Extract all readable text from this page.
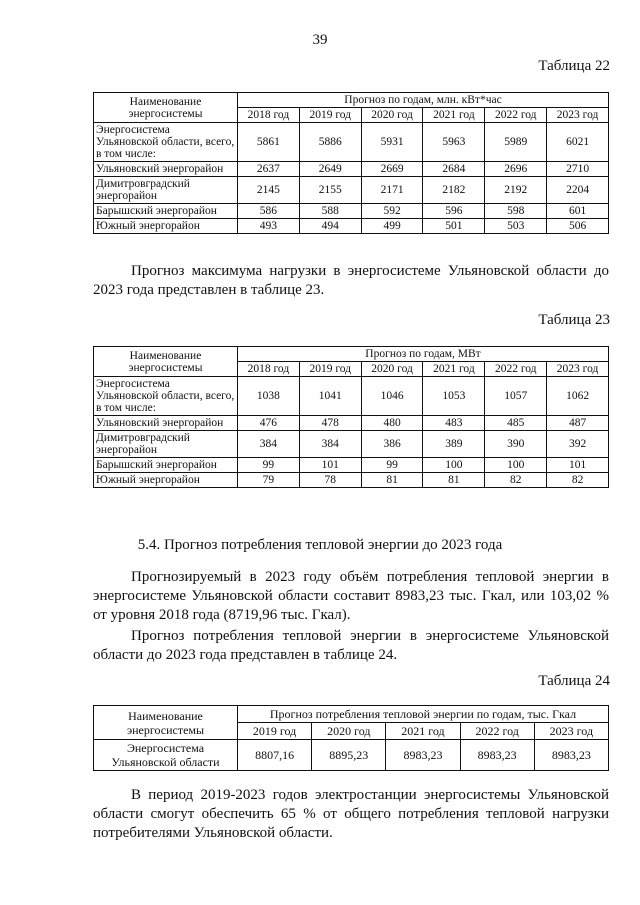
39
Таблица 22
Наименование энергосистемы	Прогноз по годам, млн. кВт*час					
	2018 год	2019 год	2020 год	2021 год	2022 год	2023 год
Энергосистема Ульяновской области, всего, в том числе:	5861	5886	5931	5963	5989	6021
Ульяновский энергорайон	2637	2649	2669	2684	2696	2710
Димитровградский энергорайон	2145	2155	2171	2182	2192	2204
Барышский энергорайон	586	588	592	596	598	601
Южный энергорайон	493	494	499	501	503	506
Прогноз максимума нагрузки в энергосистеме Ульяновской области до 2023 года представлен в таблице 23.
Таблица 23
Наименование энергосистемы	Прогноз по годам, МВт					
	2018 год	2019 год	2020 год	2021 год	2022 год	2023 год
Энергосистема Ульяновской области, всего, в том числе:	1038	1041	1046	1053	1057	1062
Ульяновский энергорайон	476	478	480	483	485	487
Димитровградский энергорайон	384	384	386	389	390	392
Барышский энергорайон	99	101	99	100	100	101
Южный энергорайон	79	78	81	81	82	82
5.4. Прогноз потребления тепловой энергии до 2023 года
Прогнозируемый в 2023 году объём потребления тепловой энергии в энергосистеме Ульяновской области составит 8983,23 тыс. Гкал, или 103,02 % от уровня 2018 года (8719,96 тыс. Гкал).
Прогноз потребления тепловой энергии в энергосистеме Ульяновской области до 2023 года представлен в таблице 24.
Таблица 24
Наименование энергосистемы	Прогноз потребления тепловой энергии по годам, тыс. Гкал				
	2019 год	2020 год	2021 год	2022 год	2023 год
Энергосистема Ульяновской области	8807,16	8895,23	8983,23	8983,23	8983,23
В период 2019-2023 годов электростанции энергосистемы Ульяновской области смогут обеспечить 65 % от общего потребления тепловой нагрузки потребителями Ульяновской области.
